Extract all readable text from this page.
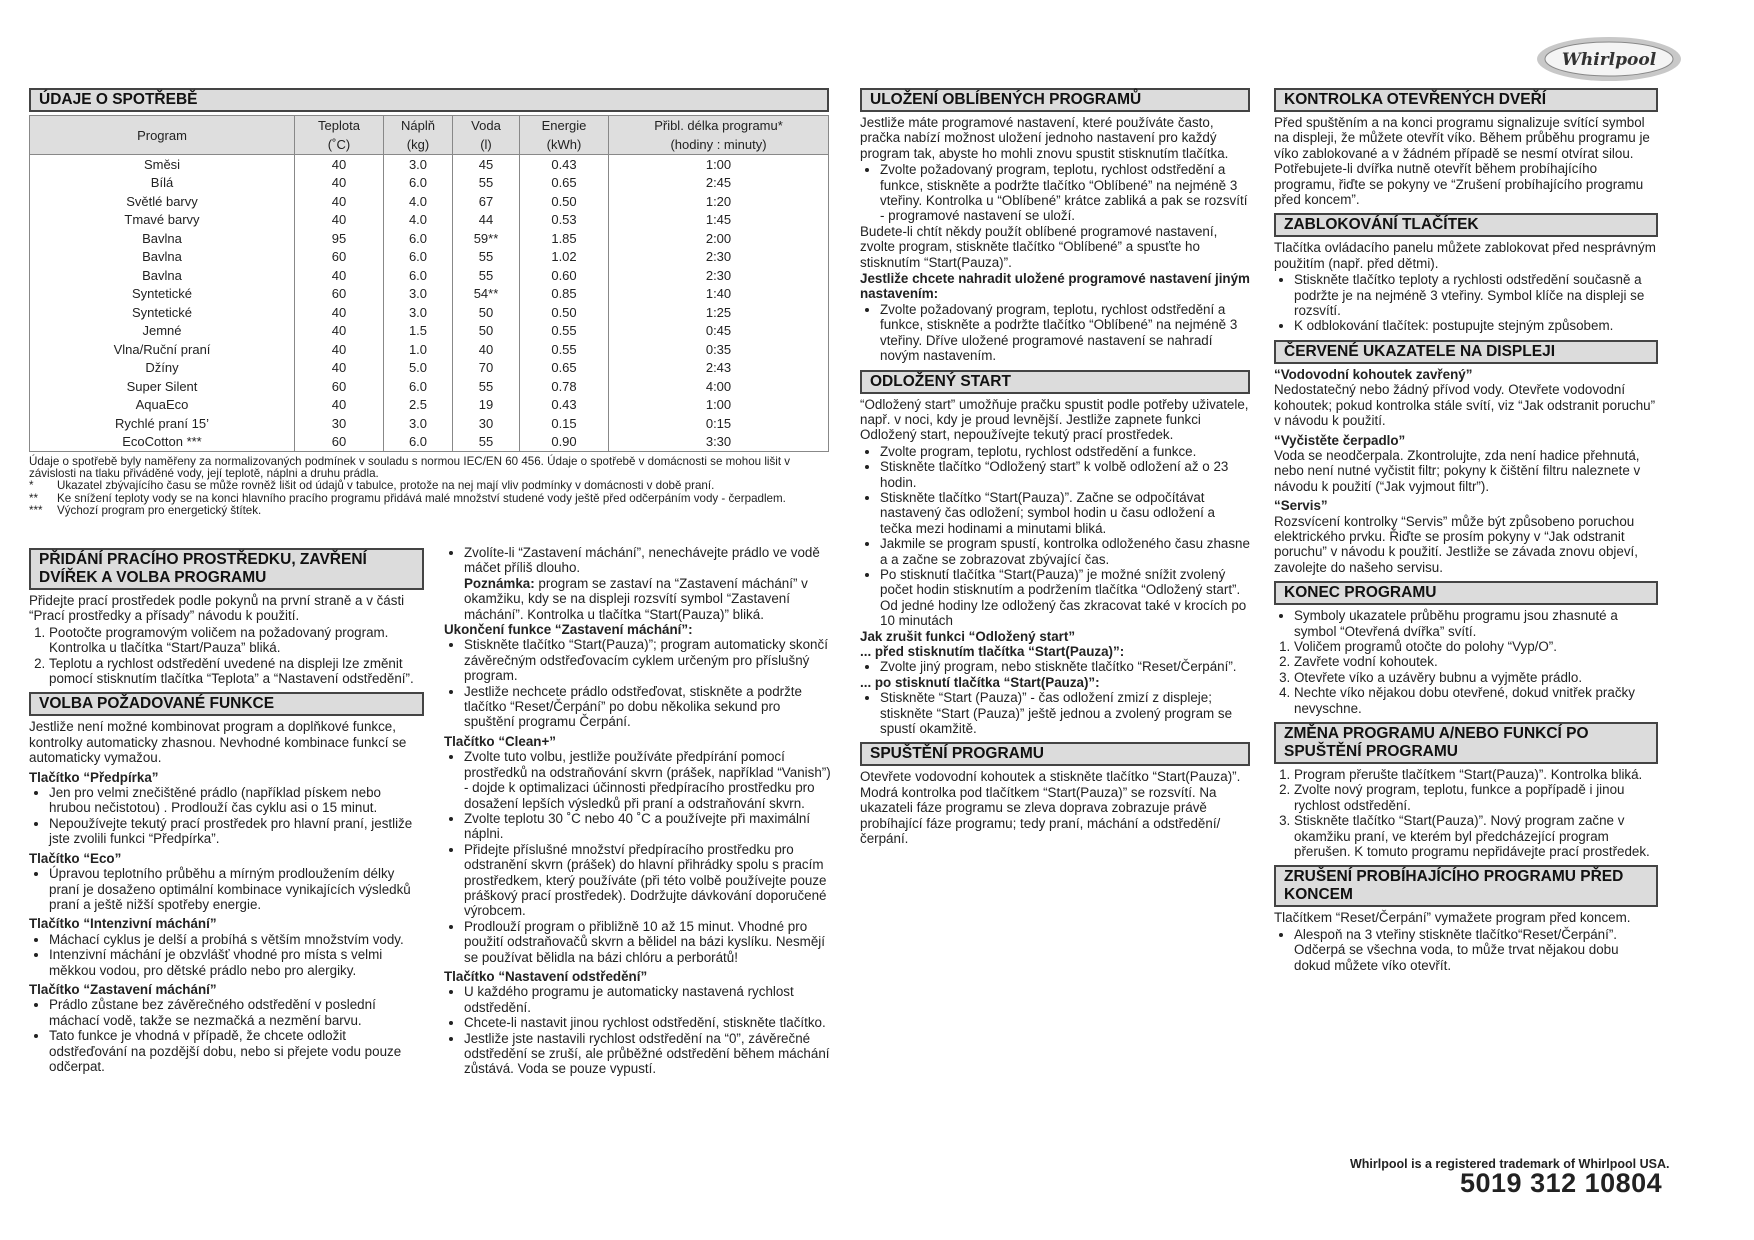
Whirlpool
ÚDAJE O SPOTŘEBĚ
Program	Teplota	Náplň	Voda	Energie	Přibl. délka programu*
	(˚C)	(kg)	(l)	(kWh)	(hodiny : minuty)
Směsi	40	3.0	45	0.43	1:00
Bílá	40	6.0	55	0.65	2:45
Světlé barvy	40	4.0	67	0.50	1:20
Tmavé barvy	40	4.0	44	0.53	1:45
Bavlna	95	6.0	59**	1.85	2:00
Bavlna	60	6.0	55	1.02	2:30
Bavlna	40	6.0	55	0.60	2:30
Syntetické	60	3.0	54**	0.85	1:40
Syntetické	40	3.0	50	0.50	1:25
Jemné	40	1.5	50	0.55	0:45
Vlna/Ruční praní	40	1.0	40	0.55	0:35
Džíny	40	5.0	70	0.65	2:43
Super Silent	60	6.0	55	0.78	4:00
AquaEco	40	2.5	19	0.43	1:00
Rychlé praní 15’	30	3.0	30	0.15	0:15
EcoCotton ***	60	6.0	55	0.90	3:30
Údaje o spotřebě byly naměřeny za normalizovaných podmínek v souladu s normou IEC/EN 60 456. Údaje o spotřebě v domácnosti se mohou lišit v závislosti na tlaku přiváděné vody, její teplotě, náplni a druhu prádla.
*	Ukazatel zbývajícího času se může rovněž lišit od údajů v tabulce, protože na nej mají vliv podmínky v domácnosti v době praní.
**	Ke snížení teploty vody se na konci hlavního pracího programu přidává malé množství studené vody ještě před odčerpáním vody - čerpadlem.
***	Výchozí program pro energetický štítek.
PŘIDÁNÍ PRACÍHO PROSTŘEDKU, ZAVŘENÍ DVÍŘEK A VOLBA PROGRAMU

Přidejte prací prostředek podle pokynů na první straně a v části “Prací prostředky a přísady” návodu k použití.

1. Pootočte programovým voličem na požadovaný program. Kontrolka u tlačítka “Start/Pauza” bliká.
2. Teplotu a rychlost odstředění uvedené na displeji lze změnit pomocí stisknutím tlačítka “Teplota” a “Nastavení odstředění”.
VOLBA POŽADOVANÉ FUNKCE

Jestliže není možné kombinovat program a doplňkové funkce, kontrolky automaticky zhasnou. Nevhodné kombinace funkcí se automaticky vymažou.

Tlačítko “Předpírka”
• Jen pro velmi znečištěné prádlo (například pískem nebo hrubou nečistotou) . Prodlouží čas cyklu asi o 15 minut.
• Nepoužívejte tekutý prací prostředek pro hlavní praní, jestliže jste zvolili funkci “Předpírka”.
Tlačítko “Eco”
• Úpravou teplotního průběhu a mírným prodloužením délky praní je dosaženo optimální kombinace vynikajících výsledků praní a ještě nižší spotřeby energie.
Tlačítko “Intenzivní máchání”
• Máchací cyklus je delší a probíhá s větším množstvím vody.
• Intenzivní máchání je obzvlášť vhodné pro místa s velmi měkkou vodou, pro dětské prádlo nebo pro alergiky.
Tlačítko “Zastavení máchání”
• Prádlo zůstane bez závěrečného odstředění v poslední máchací vodě, takže se nezmačká a nezmění barvu.
• Tato funkce je vhodná v případě, že chcete odložit odstřeďování na pozdější dobu, nebo si přejete vodu pouze odčerpat.
• Zvolíte-li “Zastavení máchání”, nenechávejte prádlo ve vodě máčet příliš dlouho.
Poznámka: program se zastaví na “Zastavení máchání” v okamžiku, kdy se na displeji rozsvítí symbol “Zastavení máchání”. Kontrolka u tlačítka “Start(Pauza)” bliká.
Ukončení funkce “Zastavení máchání”:
• Stiskněte tlačítko “Start(Pauza)”; program automaticky skončí závěrečným odstřeďovacím cyklem určeným pro příslušný program.
• Jestliže nechcete prádlo odstřeďovat, stiskněte a podržte tlačítko “Reset/Čerpání” po dobu několika sekund pro spuštění programu Čerpání.
Tlačítko “Clean+”
• Zvolte tuto volbu, jestliže používáte předpírání pomocí prostředků na odstraňování skvrn (prášek, například “Vanish”) - dojde k optimalizaci účinnosti předpíracího prostředku pro dosažení lepších výsledků při praní a odstraňování skvrn.
• Zvolte teplotu 30 ˚C nebo 40 ˚C a používejte při maximální náplni.
• Přidejte příslušné množství předpíracího prostředku pro odstranění skvrn (prášek) do hlavní přihrádky spolu s pracím prostředkem, který používáte (při této volbě používejte pouze práškový prací prostředek). Dodržujte dávkování doporučené výrobcem.
• Prodlouží program o přibližně 10 až 15 minut. Vhodné pro použití odstraňovačů skvrn a bělidel na bázi kyslíku. Nesmějí se používat bělidla na bázi chlóru a perborátů!
Tlačítko “Nastavení odstředění”
• U každého programu je automaticky nastavená rychlost odstředění.
• Chcete-li nastavit jinou rychlost odstředění, stiskněte tlačítko.
• Jestliže jste nastavili rychlost odstředění na “0”, závěrečné odstředění se zruší, ale průběžné odstředění během máchání zůstává. Voda se pouze vypustí.
ULOŽENÍ OBLÍBENÝCH PROGRAMŮ

Jestliže máte programové nastavení, které používáte často, pračka nabízí možnost uložení jednoho nastavení pro každý program tak, abyste ho mohli znovu spustit stisknutím tlačítka.

• Zvolte požadovaný program, teplotu, rychlost odstředění a funkce, stiskněte a podržte tlačítko “Oblíbené” na nejméně 3 vteřiny. Kontrolka u “Oblíbené” krátce zabliká a pak se rozsvítí - programové nastavení se uloží.

Budete-li chtít někdy použít oblíbené programové nastavení, zvolte program, stiskněte tlačítko “Oblíbené” a spusťte ho stisknutím “Start(Pauza)”.

Jestliže chcete nahradit uložené programové nastavení jiným nastavením:
• Zvolte požadovaný program, teplotu, rychlost odstředění a funkce, stiskněte a podržte tlačítko “Oblíbené” na nejméně 3 vteřiny. Dříve uložené programové nastavení se nahradí novým nastavením.
ODLOŽENÝ START

“Odložený start” umožňuje pračku spustit podle potřeby uživatele, např. v noci, kdy je proud levnější. Jestliže zapnete funkci Odložený start, nepoužívejte tekutý prací prostředek.

• Zvolte program, teplotu, rychlost odstředění a funkce.
• Stiskněte tlačítko “Odložený start” k volbě odložení až o 23 hodin.
• Stiskněte tlačítko “Start(Pauza)”. Začne se odpočítávat nastavený čas odložení; symbol hodin u času odložení a tečka mezi hodinami a minutami bliká.
• Jakmile se program spustí, kontrolka odloženého času zhasne a a začne se zobrazovat zbývající čas.
• Po stisknutí tlačítka “Start(Pauza)” je možné snížit zvolený počet hodin stisknutím a podržením tlačítka “Odložený start”. Od jedné hodiny lze odložený čas zkracovat také v krocích po 10 minutách
Jak zrušit funkci “Odložený start”
... před stisknutím tlačítka “Start(Pauza)”:
• Zvolte jiný program, nebo stiskněte tlačítko “Reset/Čerpání”.
... po stisknutí tlačítka “Start(Pauza)”:
• Stiskněte “Start (Pauza)” - čas odložení zmizí z displeje; stiskněte “Start (Pauza)” ještě jednou a zvolený program se spustí okamžitě.
SPUŠTĚNÍ PROGRAMU

Otevřete vodovodní kohoutek a stiskněte tlačítko “Start(Pauza)”. Modrá kontrolka pod tlačítkem “Start(Pauza)” se rozsvítí. Na ukazateli fáze programu se zleva doprava zobrazuje právě probíhající fáze programu; tedy praní, máchání a odstředění/čerpání.

KONTROLKA OTEVŘENÝCH DVEŘÍ

Před spuštěním a na konci programu signalizuje svítící symbol na displeji, že můžete otevřít víko. Během průběhu programu je víko zablokované a v žádném případě se nesmí otvírat silou. Potřebujete-li dvířka nutně otevřít během probíhajícího programu, řiďte se pokyny ve “Zrušení probíhajícího programu před koncem”.

ZABLOKOVÁNÍ TLAČÍTEK

Tlačítka ovládacího panelu můžete zablokovat před nesprávným použitím (např. před dětmi).

• Stiskněte tlačítko teploty a rychlosti odstředění současně a podržte je na nejméně 3 vteřiny. Symbol klíče na displeji se rozsvítí.
• K odblokování tlačítek: postupujte stejným způsobem.
ČERVENÉ UKAZATELE NA DISPLEJI
“Vodovodní kohoutek zavřený”

Nedostatečný nebo žádný přívod vody. Otevřete vodovodní kohoutek; pokud kontrolka stále svítí, viz “Jak odstranit poruchu” v návodu k použití.

“Vyčistěte čerpadlo”

Voda se neodčerpala. Zkontrolujte, zda není hadice přehnutá, nebo není nutné vyčistit filtr; pokyny k čištění filtru naleznete v návodu k použití (“Jak vyjmout filtr”).

“Servis”

Rozsvícení kontrolky “Servis” může být způsobeno poruchou elektrického prvku. Řiďte se prosím pokyny v “Jak odstranit poruchu” v návodu k použití. Jestliže se závada znovu objeví, zavolejte do našeho servisu.

KONEC PROGRAMU
• Symboly ukazatele průběhu programu jsou zhasnuté a symbol “Otevřená dvířka” svítí.
1. Voličem programů otočte do polohy “Vyp/O”.
2. Zavřete vodní kohoutek.
3. Otevřete víko a uzávěry bubnu a vyjměte prádlo.
4. Nechte víko nějakou dobu otevřené, dokud vnitřek pračky nevyschne.
ZMĚNA PROGRAMU A/NEBO FUNKCÍ PO SPUŠTĚNÍ PROGRAMU
1. Program přerušte tlačítkem “Start(Pauza)”. Kontrolka bliká.
2. Zvolte nový program, teplotu, funkce a popřípadě i jinou rychlost odstředění.
3. Stiskněte tlačítko “Start(Pauza)”. Nový program začne v okamžiku praní, ve kterém byl předcházející program přerušen. K tomuto programu nepřidávejte prací prostředek.
ZRUŠENÍ PROBÍHAJÍCÍHO PROGRAMU PŘED KONCEM

Tlačítkem “Reset/Čerpání” vymažete program před koncem.

• Alespoň na 3 vteřiny stiskněte tlačítko“Reset/Čerpání”. Odčerpá se všechna voda, to může trvat nějakou dobu dokud můžete víko otevřít.
Whirlpool is a registered trademark of Whirlpool USA.
5019 312 10804
